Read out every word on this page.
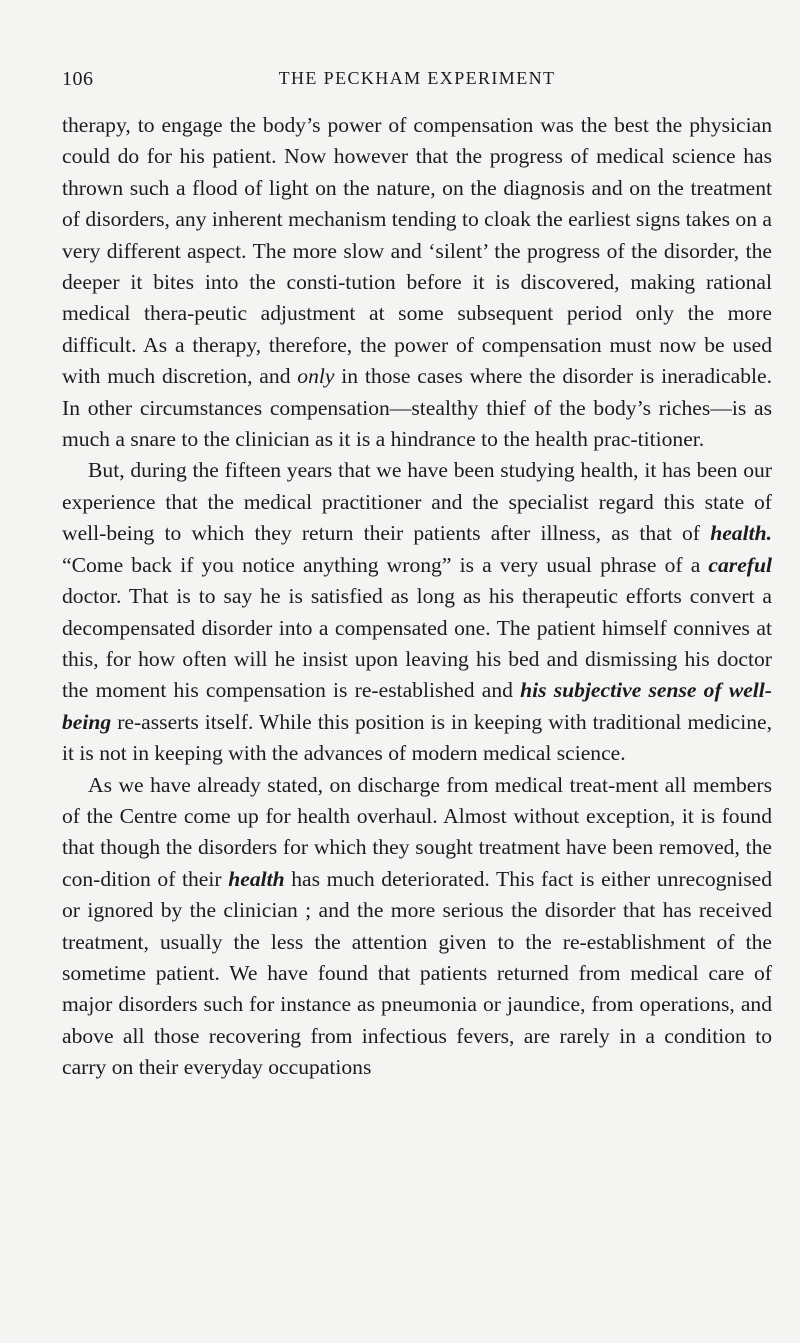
106	THE PECKHAM EXPERIMENT

therapy, to engage the body’s power of compensation was the best the physician could do for his patient. Now however that the progress of medical science has thrown such a flood of light on the nature, on the diagnosis and on the treatment of disorders, any inherent mechanism tending to cloak the earliest signs takes on a very different aspect. The more slow and ‘silent’ the progress of the disorder, the deeper it bites into the consti-tution before it is discovered, making rational medical thera-peutic adjustment at some subsequent period only the more difficult. As a therapy, therefore, the power of compensation must now be used with much discretion, and only in those cases where the disorder is ineradicable. In other circumstances compensation—stealthy thief of the body’s riches—is as much a snare to the clinician as it is a hindrance to the health prac-titioner.

But, during the fifteen years that we have been studying health, it has been our experience that the medical practitioner and the specialist regard this state of well-being to which they return their patients after illness, as that of health. “Come back if you notice anything wrong” is a very usual phrase of a careful doctor. That is to say he is satisfied as long as his therapeutic efforts convert a decompensated disorder into a compensated one. The patient himself connives at this, for how often will he insist upon leaving his bed and dismissing his doctor the moment his compensation is re-established and his subjective sense of well-being re-asserts itself. While this position is in keeping with traditional medicine, it is not in keeping with the advances of modern medical science.

As we have already stated, on discharge from medical treat-ment all members of the Centre come up for health overhaul. Almost without exception, it is found that though the disorders for which they sought treatment have been removed, the con-dition of their health has much deteriorated. This fact is either unrecognised or ignored by the clinician ; and the more serious the disorder that has received treatment, usually the less the attention given to the re-establishment of the sometime patient. We have found that patients returned from medical care of major disorders such for instance as pneumonia or jaundice, from operations, and above all those recovering from infectious fevers, are rarely in a condition to carry on their everyday occupations
